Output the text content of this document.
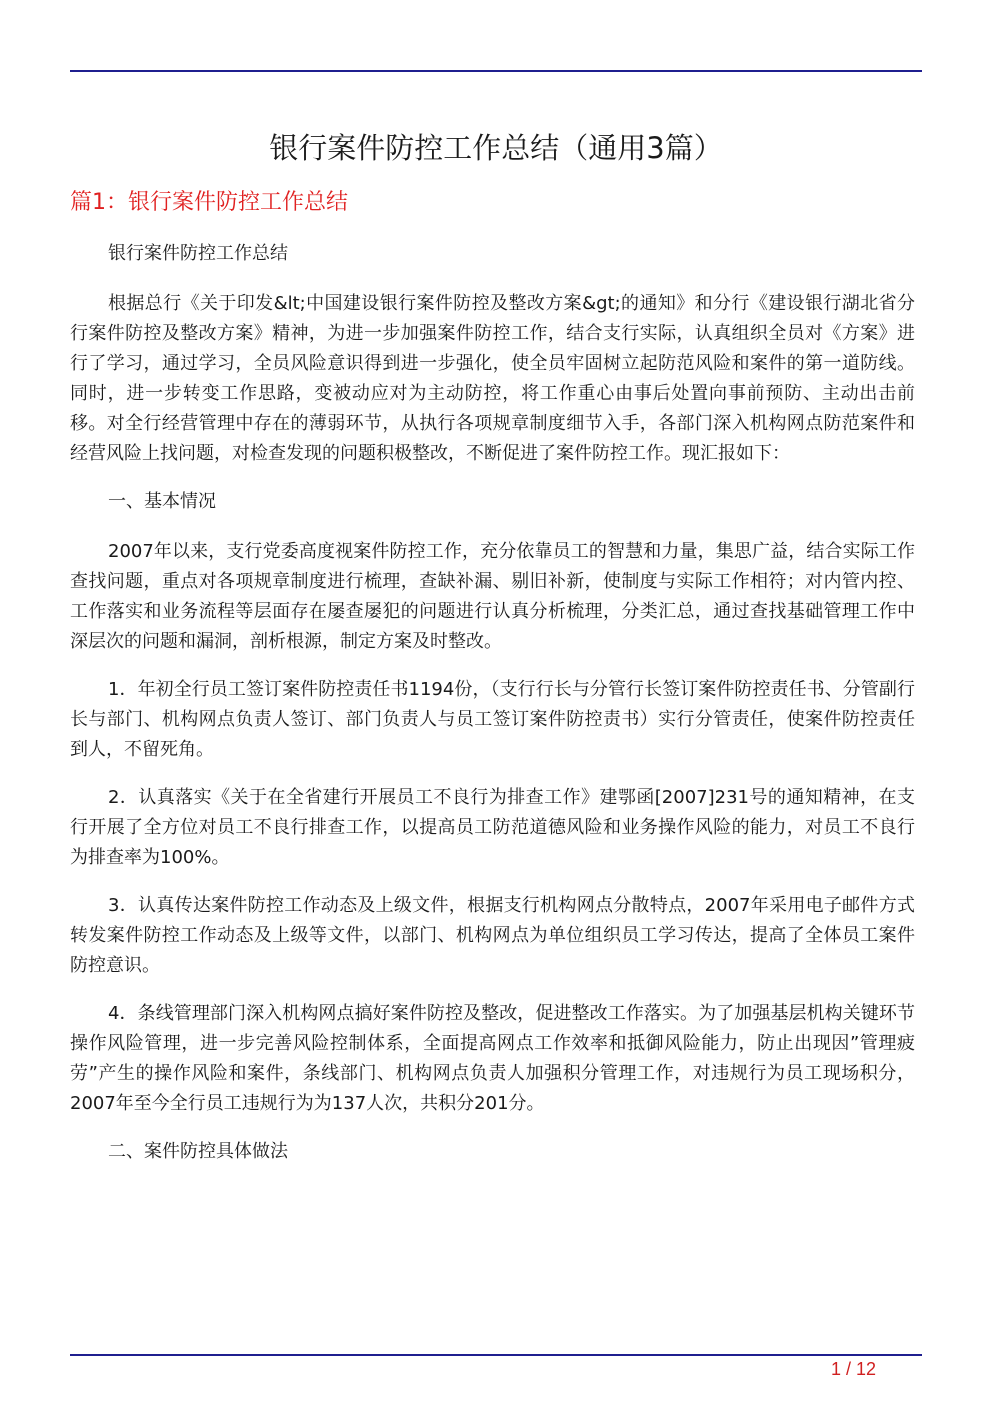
银行案件防控工作总结（通用3篇）
篇1：银行案件防控工作总结

银行案件防控工作总结

根据总行《关于印发&lt;中国建设银行案件防控及整改方案&gt;的通知》和分行《建设银行湖北省分行案件防控及整改方案》精神，为进一步加强案件防控工作，结合支行实际，认真组织全员对《方案》进行了学习，通过学习，全员风险意识得到进一步强化，使全员牢固树立起防范风险和案件的第一道防线。同时，进一步转变工作思路，变被动应对为主动防控，将工作重心由事后处置向事前预防、主动出击前移。对全行经营管理中存在的薄弱环节，从执行各项规章制度细节入手，各部门深入机构网点防范案件和经营风险上找问题，对检查发现的问题积极整改，不断促进了案件防控工作。现汇报如下：

一、基本情况

2007年以来，支行党委高度视案件防控工作，充分依靠员工的智慧和力量，集思广益，结合实际工作查找问题，重点对各项规章制度进行梳理，查缺补漏、剔旧补新，使制度与实际工作相符；对内管内控、工作落实和业务流程等层面存在屡查屡犯的问题进行认真分析梳理，分类汇总，通过查找基础管理工作中深层次的问题和漏洞，剖析根源，制定方案及时整改。

1．年初全行员工签订案件防控责任书1194份，（支行行长与分管行长签订案件防控责任书、分管副行长与部门、机构网点负责人签订、部门负责人与员工签订案件防控责书）实行分管责任，使案件防控责任到人，不留死角。

2．认真落实《关于在全省建行开展员工不良行为排查工作》建鄂函[2007]231号的通知精神，在支行开展了全方位对员工不良行排查工作，以提高员工防范道德风险和业务操作风险的能力，对员工不良行为排查率为100%。

3．认真传达案件防控工作动态及上级文件，根据支行机构网点分散特点，2007年采用电子邮件方式转发案件防控工作动态及上级等文件，以部门、机构网点为单位组织员工学习传达，提高了全体员工案件防控意识。

4．条线管理部门深入机构网点搞好案件防控及整改，促进整改工作落实。为了加强基层机构关键环节操作风险管理，进一步完善风险控制体系，全面提高网点工作效率和抵御风险能力，防止出现因”管理疲劳”产生的操作风险和案件，条线部门、机构网点负责人加强积分管理工作，对违规行为员工现场积分，2007年至今全行员工违规行为为137人次，共积分201分。

二、案件防控具体做法

1 / 12
